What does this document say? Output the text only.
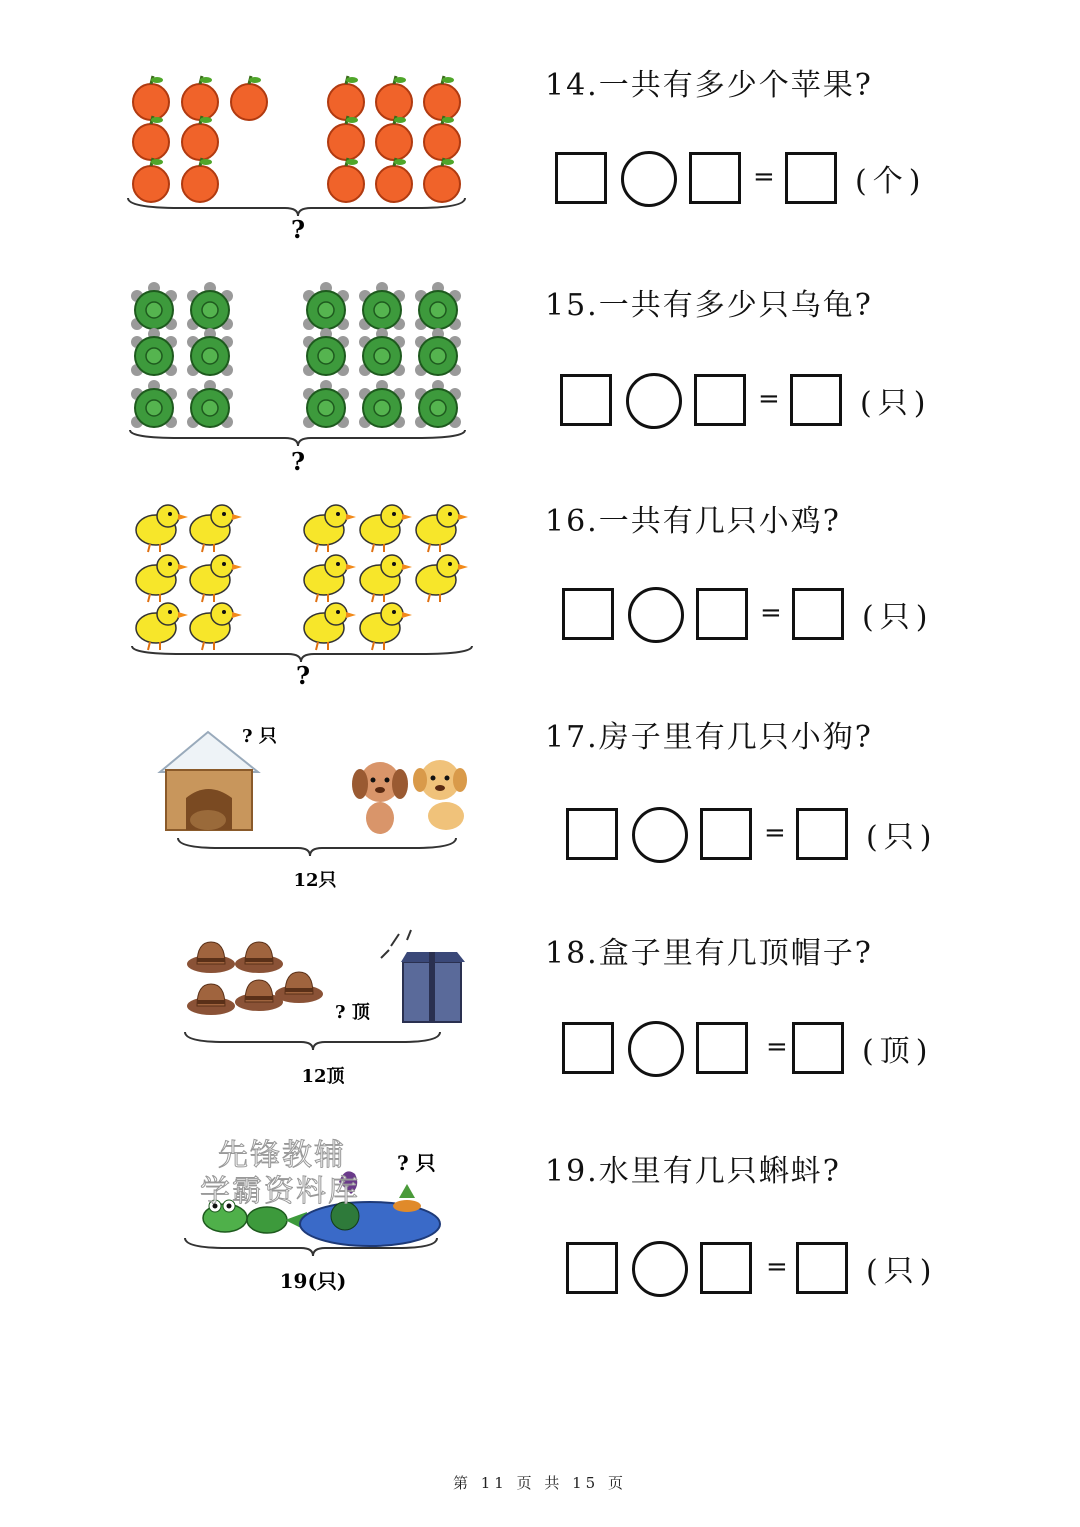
?
14.一共有多少个苹果?
=	(个)
?
15.一共有多少只乌龟?
=	(只)
?
16.一共有几只小鸡?
=	(只)
? 只
12只
17.房子里有几只小狗?
=	(只)
? 顶
12顶
18.盒子里有几顶帽子?
= (顶)
? 只
19(只)
19.水里有几只蝌蚪?
=	(只)
先锋教辅
学霸资料库
第 11 页 共 15 页
